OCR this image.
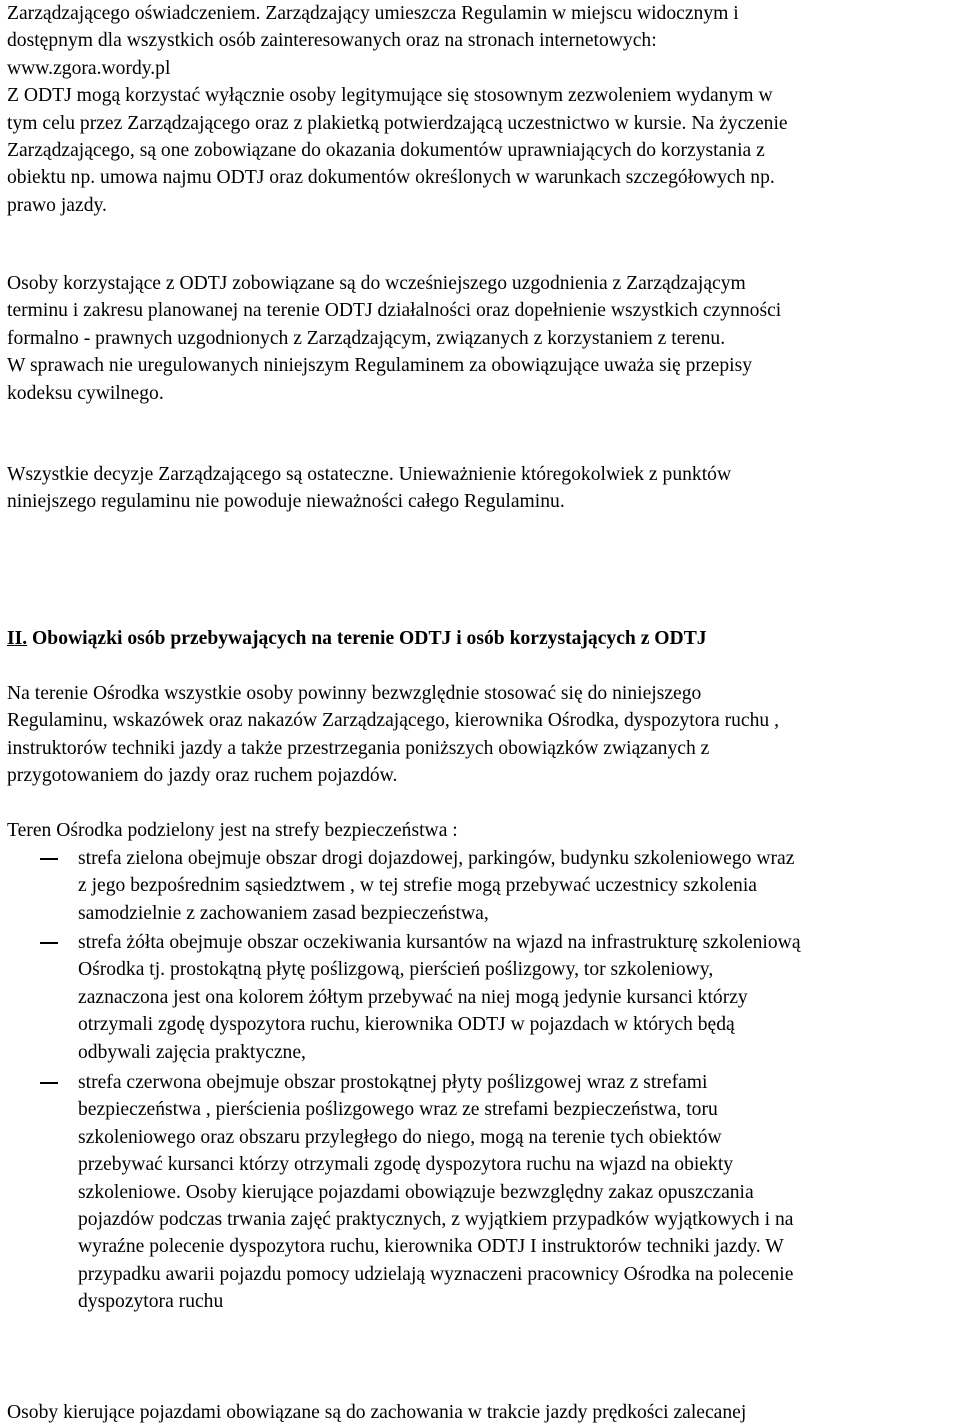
Zarządzającego oświadczeniem. Zarządzający umieszcza Regulamin w miejscu widocznym i
dostępnym dla wszystkich osób zainteresowanych oraz na stronach internetowych:
www.zgora.wordy.pl
Z ODTJ mogą korzystać wyłącznie osoby legitymujące się stosownym zezwoleniem wydanym w
tym celu przez Zarządzającego oraz z plakietką potwierdzającą uczestnictwo w kursie. Na życzenie
Zarządzającego, są one zobowiązane do okazania dokumentów uprawniających do korzystania z
obiektu np. umowa najmu ODTJ oraz dokumentów określonych w warunkach szczegółowych np.
prawo jazdy.
Osoby korzystające z ODTJ zobowiązane są do wcześniejszego uzgodnienia z Zarządzającym
terminu i zakresu planowanej na terenie ODTJ działalności oraz dopełnienie wszystkich czynności
formalno - prawnych uzgodnionych z Zarządzającym, związanych z korzystaniem z terenu.
W sprawach nie uregulowanych niniejszym Regulaminem za obowiązujące uważa się przepisy
kodeksu cywilnego.
Wszystkie decyzje Zarządzającego są ostateczne. Unieważnienie któregokolwiek z punktów
niniejszego regulaminu nie powoduje nieważności całego Regulaminu.
II. Obowiązki osób przebywających na terenie ODTJ i osób korzystających z ODTJ
Na terenie Ośrodka wszystkie osoby powinny bezwzględnie stosować się do niniejszego
Regulaminu, wskazówek oraz nakazów Zarządzającego, kierownika Ośrodka, dyspozytora ruchu ,
instruktorów techniki jazdy a także przestrzegania poniższych obowiązków związanych z
przygotowaniem do jazdy oraz ruchem pojazdów.
Teren Ośrodka podzielony jest na strefy bezpieczeństwa :
strefa zielona obejmuje obszar drogi dojazdowej, parkingów, budynku szkoleniowego wraz
z jego bezpośrednim sąsiedztwem , w tej strefie mogą przebywać uczestnicy szkolenia
samodzielnie z zachowaniem zasad bezpieczeństwa,
strefa żółta obejmuje obszar oczekiwania kursantów na wjazd na infrastrukturę szkoleniową
Ośrodka tj. prostokątną płytę poślizgową, pierścień poślizgowy, tor szkoleniowy,
zaznaczona jest ona kolorem żółtym przebywać na niej mogą jedynie kursanci którzy
otrzymali zgodę dyspozytora ruchu, kierownika ODTJ w pojazdach w których będą
odbywali zajęcia praktyczne,
strefa czerwona obejmuje obszar prostokątnej płyty poślizgowej wraz z strefami
bezpieczeństwa , pierścienia poślizgowego wraz ze strefami bezpieczeństwa, toru
szkoleniowego oraz obszaru przyległego do niego, mogą na terenie tych obiektów
przebywać kursanci którzy otrzymali zgodę dyspozytora ruchu na wjazd na obiekty
szkoleniowe. Osoby kierujące pojazdami obowiązuje bezwzględny zakaz opuszczania
pojazdów podczas trwania zajęć praktycznych, z wyjątkiem przypadków wyjątkowych i na
wyraźne polecenie dyspozytora ruchu, kierownika ODTJ I instruktorów techniki jazdy. W
przypadku awarii pojazdu pomocy udzielają wyznaczeni pracownicy Ośrodka na polecenie
dyspozytora ruchu
Osoby kierujące pojazdami obowiązane są do zachowania w trakcie jazdy prędkości zalecanej
